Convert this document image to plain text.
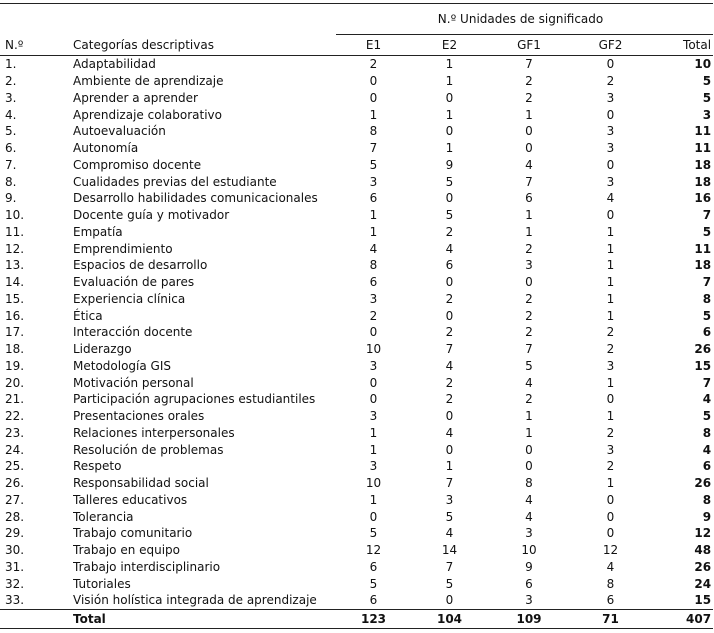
		N.º Unidades de significado				
N.º	Categorías descriptivas	E1	E2	GF1	GF2	Total
1.	Adaptabilidad	2	1	7	0	10
2.	Ambiente de aprendizaje	0	1	2	2	5
3.	Aprender a aprender	0	0	2	3	5
4.	Aprendizaje colaborativo	1	1	1	0	3
5.	Autoevaluación	8	0	0	3	11
6.	Autonomía	7	1	0	3	11
7.	Compromiso docente	5	9	4	0	18
8.	Cualidades previas del estudiante	3	5	7	3	18
9.	Desarrollo habilidades comunicacionales	6	0	6	4	16
10.	Docente guía y motivador	1	5	1	0	7
11.	Empatía	1	2	1	1	5
12.	Emprendimiento	4	4	2	1	11
13.	Espacios de desarrollo	8	6	3	1	18
14.	Evaluación de pares	6	0	0	1	7
15.	Experiencia clínica	3	2	2	1	8
16.	Ética	2	0	2	1	5
17.	Interacción docente	0	2	2	2	6
18.	Liderazgo	10	7	7	2	26
19.	Metodología GIS	3	4	5	3	15
20.	Motivación personal	0	2	4	1	7
21.	Participación agrupaciones estudiantiles	0	2	2	0	4
22.	Presentaciones orales	3	0	1	1	5
23.	Relaciones interpersonales	1	4	1	2	8
24.	Resolución de problemas	1	0	0	3	4
25.	Respeto	3	1	0	2	6
26.	Responsabilidad social	10	7	8	1	26
27.	Talleres educativos	1	3	4	0	8
28.	Tolerancia	0	5	4	0	9
29.	Trabajo comunitario	5	4	3	0	12
30.	Trabajo en equipo	12	14	10	12	48
31.	Trabajo interdisciplinario	6	7	9	4	26
32.	Tutoriales	5	5	6	8	24
33.	Visión holística integrada de aprendizaje	6	0	3	6	15
	Total	123	104	109	71	407
